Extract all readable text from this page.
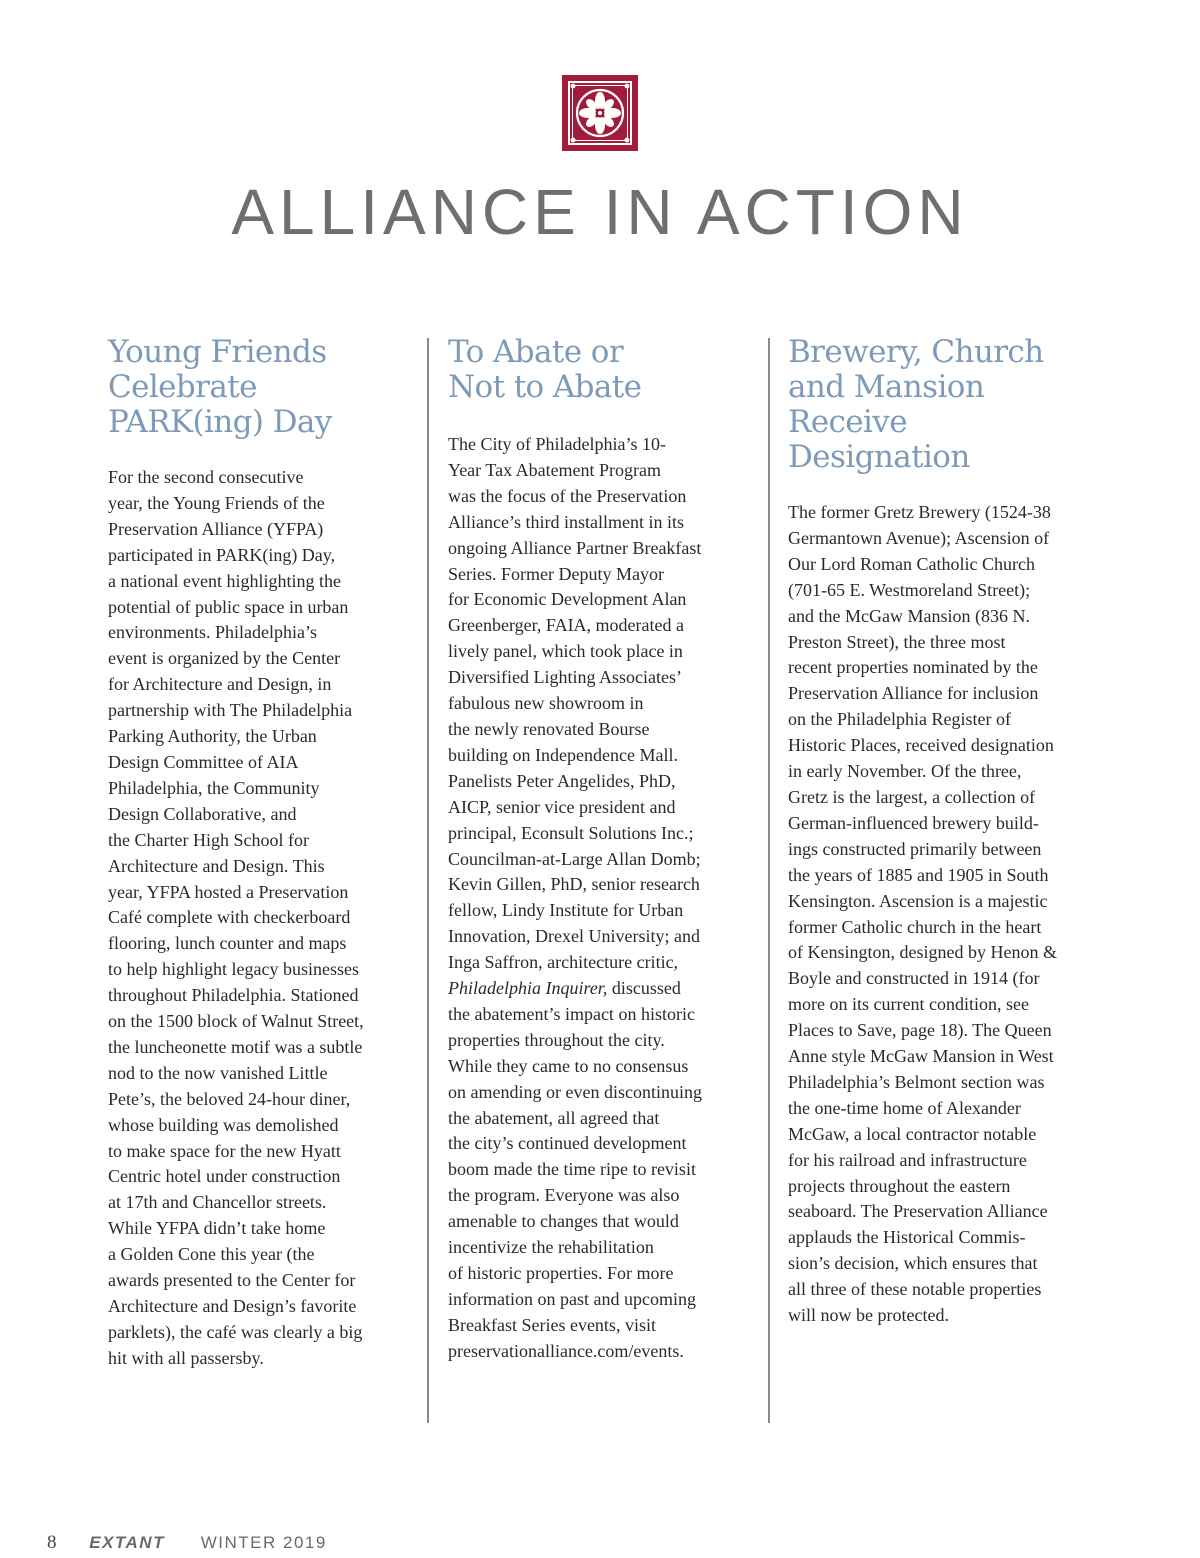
ALLIANCE IN ACTION
Young Friends
Celebrate
PARK(ing) Day

For the second consecutive
year, the Young Friends of the
Preservation Alliance (YFPA)
participated in PARK(ing) Day,
a national event highlighting the
potential of public space in urban
environments. Philadelphia’s
event is organized by the Center
for Architecture and Design, in
partnership with The Philadelphia
Parking Authority, the Urban
Design Committee of AIA
Philadelphia, the Community
Design Collaborative, and
the Charter High School for
Architecture and Design. This
year, YFPA hosted a Preservation
Café complete with checkerboard
flooring, lunch counter and maps
to help highlight legacy businesses
throughout Philadelphia. Stationed
on the 1500 block of Walnut Street,
the luncheonette motif was a subtle
nod to the now vanished Little
Pete’s, the beloved 24-hour diner,
whose building was demolished
to make space for the new Hyatt
Centric hotel under construction
at 17th and Chancellor streets.
While YFPA didn’t take home
a Golden Cone this year (the
awards presented to the Center for
Architecture and Design’s favorite
parklets), the café was clearly a big
hit with all passersby.

To Abate or
Not to Abate

The City of Philadelphia’s 10-
Year Tax Abatement Program
was the focus of the Preservation
Alliance’s third installment in its
ongoing Alliance Partner Breakfast
Series. Former Deputy Mayor
for Economic Development Alan
Greenberger, FAIA, moderated a
lively panel, which took place in
Diversified Lighting Associates’
fabulous new showroom in
the newly renovated Bourse
building on Independence Mall.
Panelists Peter Angelides, PhD,
AICP, senior vice president and
principal, Econsult Solutions Inc.;
Councilman-at-Large Allan Domb;
Kevin Gillen, PhD, senior research
fellow, Lindy Institute for Urban
Innovation, Drexel University; and
Inga Saffron, architecture critic,
Philadelphia Inquirer, discussed
the abatement’s impact on historic
properties throughout the city.
While they came to no consensus
on amending or even discontinuing
the abatement, all agreed that
the city’s continued development
boom made the time ripe to revisit
the program. Everyone was also
amenable to changes that would
incentivize the rehabilitation
of historic properties. For more
information on past and upcoming
Breakfast Series events, visit
preservationalliance.com/events.

Brewery, Church
and Mansion
Receive Designation

The former Gretz Brewery (1524-38
Germantown Avenue); Ascension of
Our Lord Roman Catholic Church
(701-65 E. Westmoreland Street);
and the McGaw Mansion (836 N.
Preston Street), the three most
recent properties nominated by the
Preservation Alliance for inclusion
on the Philadelphia Register of
Historic Places, received designation
in early November. Of the three,
Gretz is the largest, a collection of
German-influenced brewery build-
ings constructed primarily between
the years of 1885 and 1905 in South
Kensington. Ascension is a majestic
former Catholic church in the heart
of Kensington, designed by Henon &
Boyle and constructed in 1914 (for
more on its current condition, see
Places to Save, page 18). The Queen
Anne style McGaw Mansion in West
Philadelphia’s Belmont section was
the one-time home of Alexander
McGaw, a local contractor notable
for his railroad and infrastructure
projects throughout the eastern
seaboard. The Preservation Alliance
applauds the Historical Commis-
sion’s decision, which ensures that
all three of these notable properties
will now be protected.

8 EXTANT WINTER 2019
